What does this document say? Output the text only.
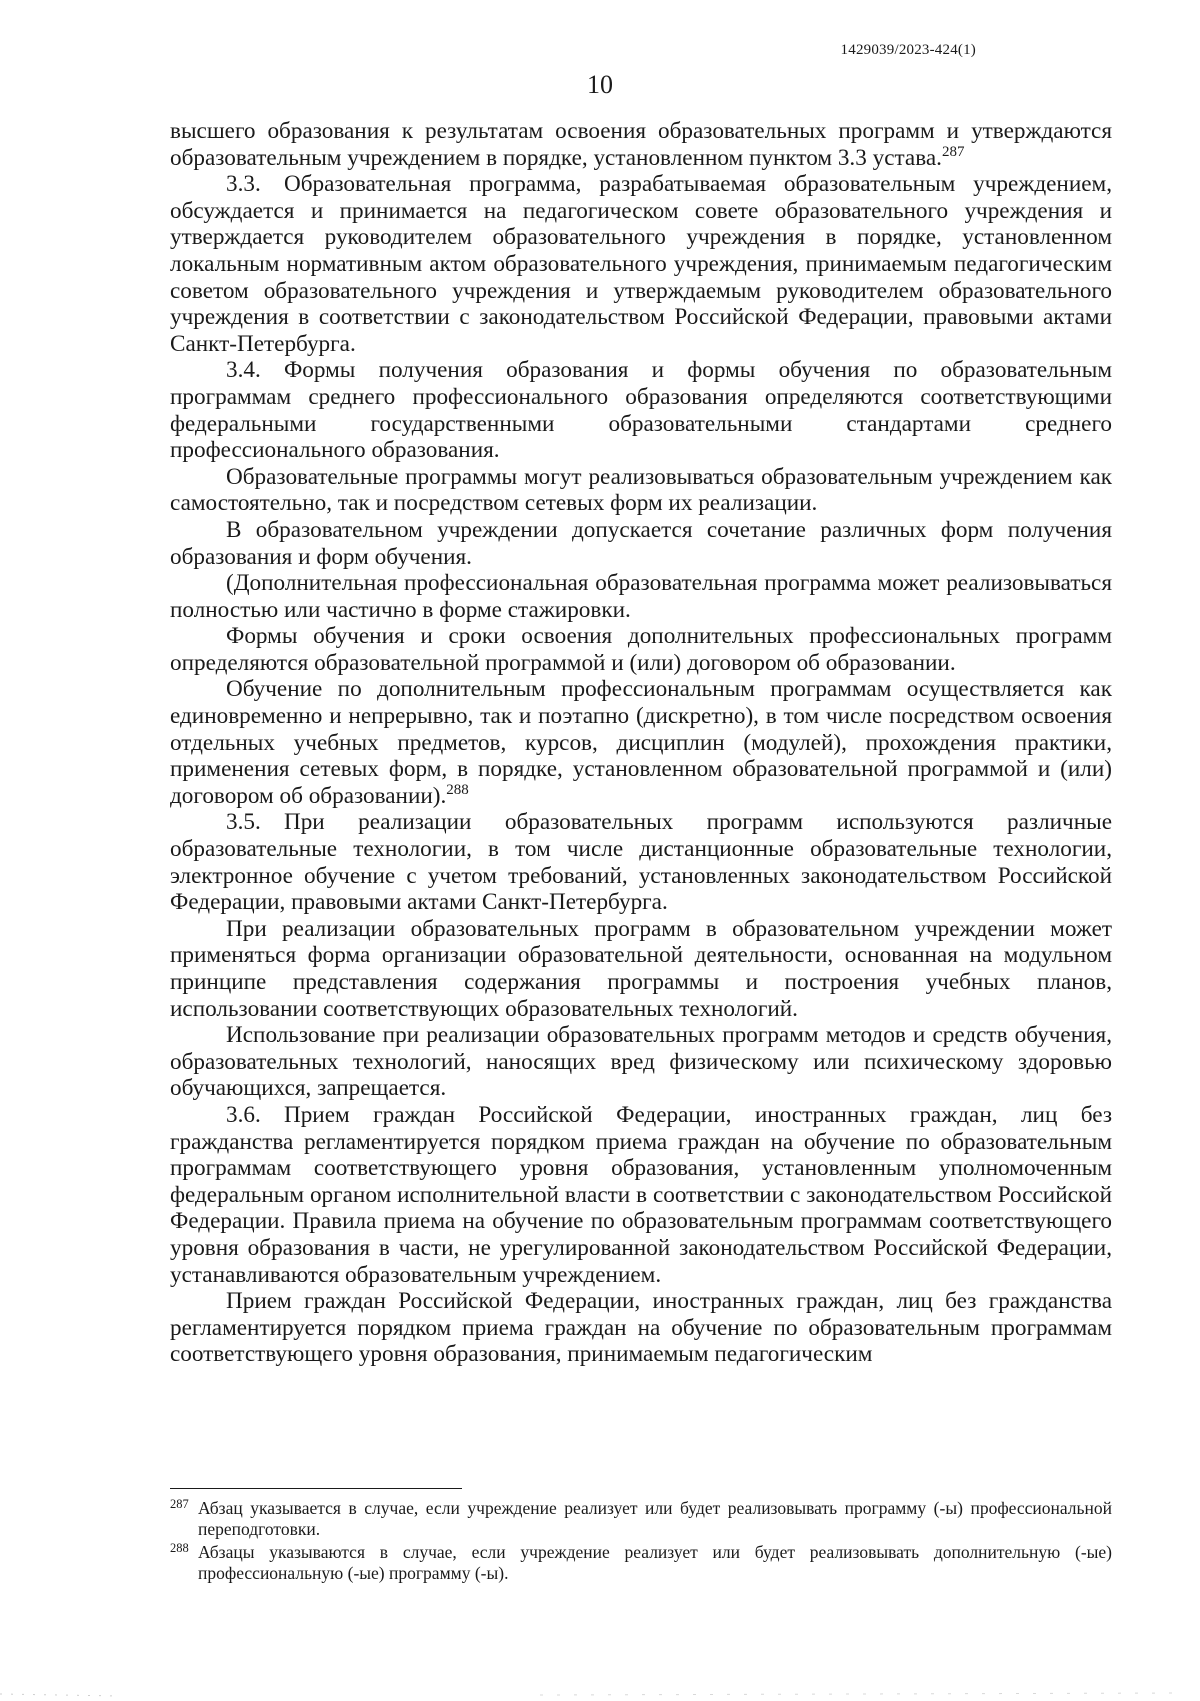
1429039/2023-424(1)
10

высшего образования к результатам освоения образовательных программ и утверждаются образовательным учреждением в порядке, установленном пунктом 3.3 устава.$^{287}$

3.3. Образовательная программа, разрабатываемая образовательным учреждением, обсуждается и принимается на педагогическом совете образовательного учреждения и утверждается руководителем образовательного учреждения в порядке, установленном локальным нормативным актом образовательного учреждения, принимаемым педагогическим советом образовательного учреждения и утверждаемым руководителем образовательного учреждения в соответствии с законодательством Российской Федерации, правовыми актами Санкт-Петербурга.

3.4. Формы получения образования и формы обучения по образовательным программам среднего профессионального образования определяются соответствующими федеральными государственными образовательными стандартами среднего профессионального образования.

Образовательные программы могут реализовываться образовательным учреждением как самостоятельно, так и посредством сетевых форм их реализации.

В образовательном учреждении допускается сочетание различных форм получения образования и форм обучения.

(Дополнительная профессиональная образовательная программа может реализовываться полностью или частично в форме стажировки.

Формы обучения и сроки освоения дополнительных профессиональных программ определяются образовательной программой и (или) договором об образовании.

Обучение по дополнительным профессиональным программам осуществляется как единовременно и непрерывно, так и поэтапно (дискретно), в том числе посредством освоения отдельных учебных предметов, курсов, дисциплин (модулей), прохождения практики, применения сетевых форм, в порядке, установленном образовательной программой и (или) договором об образовании).$^{288}$

3.5. При реализации образовательных программ используются различные образовательные технологии, в том числе дистанционные образовательные технологии, электронное обучение с учетом требований, установленных законодательством Российской Федерации, правовыми актами Санкт-Петербурга.

При реализации образовательных программ в образовательном учреждении может применяться форма организации образовательной деятельности, основанная на модульном принципе представления содержания программы и построения учебных планов, использовании соответствующих образовательных технологий.

Использование при реализации образовательных программ методов и средств обучения, образовательных технологий, наносящих вред физическому или психическому здоровью обучающихся, запрещается.

3.6. Прием граждан Российской Федерации, иностранных граждан, лиц без гражданства регламентируется порядком приема граждан на обучение по образовательным программам соответствующего уровня образования, установленным уполномоченным федеральным органом исполнительной власти в соответствии с законодательством Российской Федерации. Правила приема на обучение по образовательным программам соответствующего уровня образования в части, не урегулированной законодательством Российской Федерации, устанавливаются образовательным учреждением.

Прием граждан Российской Федерации, иностранных граждан, лиц без гражданства регламентируется порядком приема граждан на обучение по образовательным программам соответствующего уровня образования, принимаемым педагогическим

287 Абзац указывается в случае, если учреждение реализует или будет реализовывать программу (-ы) профессиональной переподготовки.
288 Абзацы указываются в случае, если учреждение реализует или будет реализовывать дополнительную (-ые) профессиональную (-ые) программу (-ы).
